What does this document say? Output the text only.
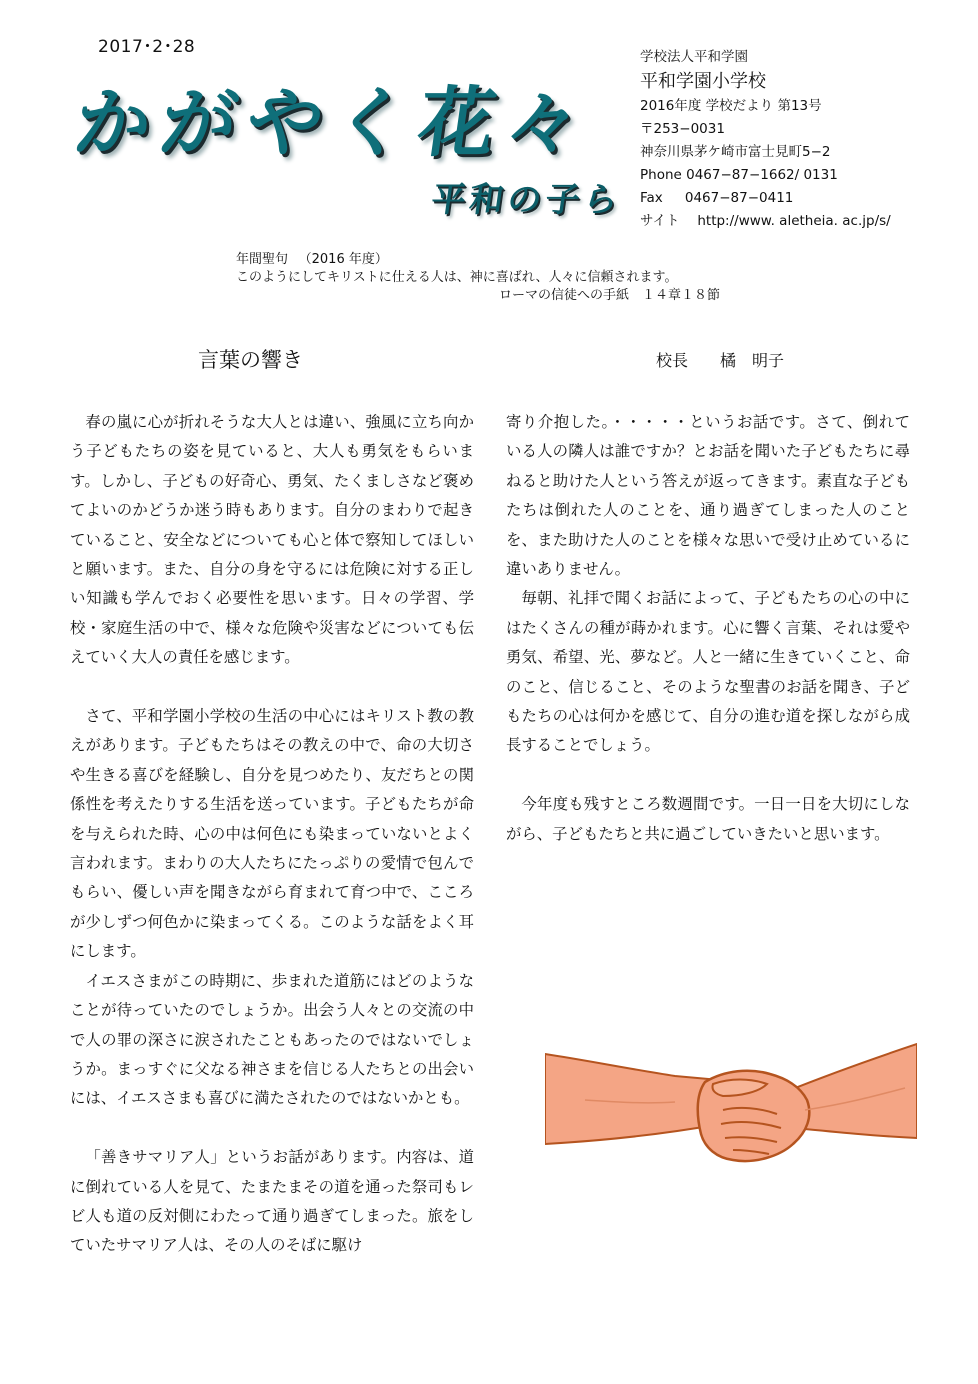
2017･2･28
かがやく花々
平和の子ら
学校法人平和学園
平和学園小学校
2016年度 学校だより 第13号
〒253−0031
神奈川県茅ケ崎市富士見町5−2
Phone 0467−87−1662/ 0131
Fax 　 0467−87−0411
サイト 　http://www. aletheia. ac.jp/s/
年間聖句 　（2016 年度）
このようにしてキリストに仕える人は、神に喜ばれ、人々に信頼されます。
ローマの信徒への手紙　１４章１８節
言葉の響き	校長　　橘　明子

春の嵐に心が折れそうな大人とは違い、強風に立ち向かう子どもたちの姿を見ていると、大人も勇気をもらいます。しかし、子どもの好奇心、勇気、たくましさなど褒めてよいのかどうか迷う時もあります。自分のまわりで起きていること、安全などについても心と体で察知してほしいと願います。また、自分の身を守るには危険に対する正しい知識も学んでおく必要性を思います。日々の学習、学校・家庭生活の中で、様々な危険や災害などについても伝えていく大人の責任を感じます。

さて、平和学園小学校の生活の中心にはキリスト教の教えがあります。子どもたちはその教えの中で、命の大切さや生きる喜びを経験し、自分を見つめたり、友だちとの関係性を考えたりする生活を送っています。子どもたちが命を与えられた時、心の中は何色にも染まっていないとよく言われます。まわりの大人たちにたっぷりの愛情で包んでもらい、優しい声を聞きながら育まれて育つ中で、こころが少しずつ何色かに染まってくる。このような話をよく耳にします。

イエスさまがこの時期に、歩まれた道筋にはどのようなことが待っていたのでしょうか。出会う人々との交流の中で人の罪の深さに涙されたこともあったのではないでしょうか。まっすぐに父なる神さまを信じる人たちとの出会いには、イエスさまも喜びに満たされたのではないかとも。

「善きサマリア人」というお話があります。内容は、道に倒れている人を見て、たまたまその道を通った祭司もレビ人も道の反対側にわたって通り過ぎてしまった。旅をしていたサマリア人は、その人のそばに駆け

寄り介抱した。・・・・・というお話です。さて、倒れている人の隣人は誰ですか？とお話を聞いた子どもたちに尋ねると助けた人という答えが返ってきます。素直な子どもたちは倒れた人のことを、通り過ぎてしまった人のことを、また助けた人のことを様々な思いで受け止めているに違いありません。

毎朝、礼拝で聞くお話によって、子どもたちの心の中にはたくさんの種が蒔かれます。心に響く言葉、それは愛や勇気、希望、光、夢など。人と一緒に生きていくこと、命のこと、信じること、そのような聖書のお話を聞き、子どもたちの心は何かを感じて、自分の進む道を探しながら成長することでしょう。

今年度も残すところ数週間です。一日一日を大切にしながら、子どもたちと共に過ごしていきたいと思います。
